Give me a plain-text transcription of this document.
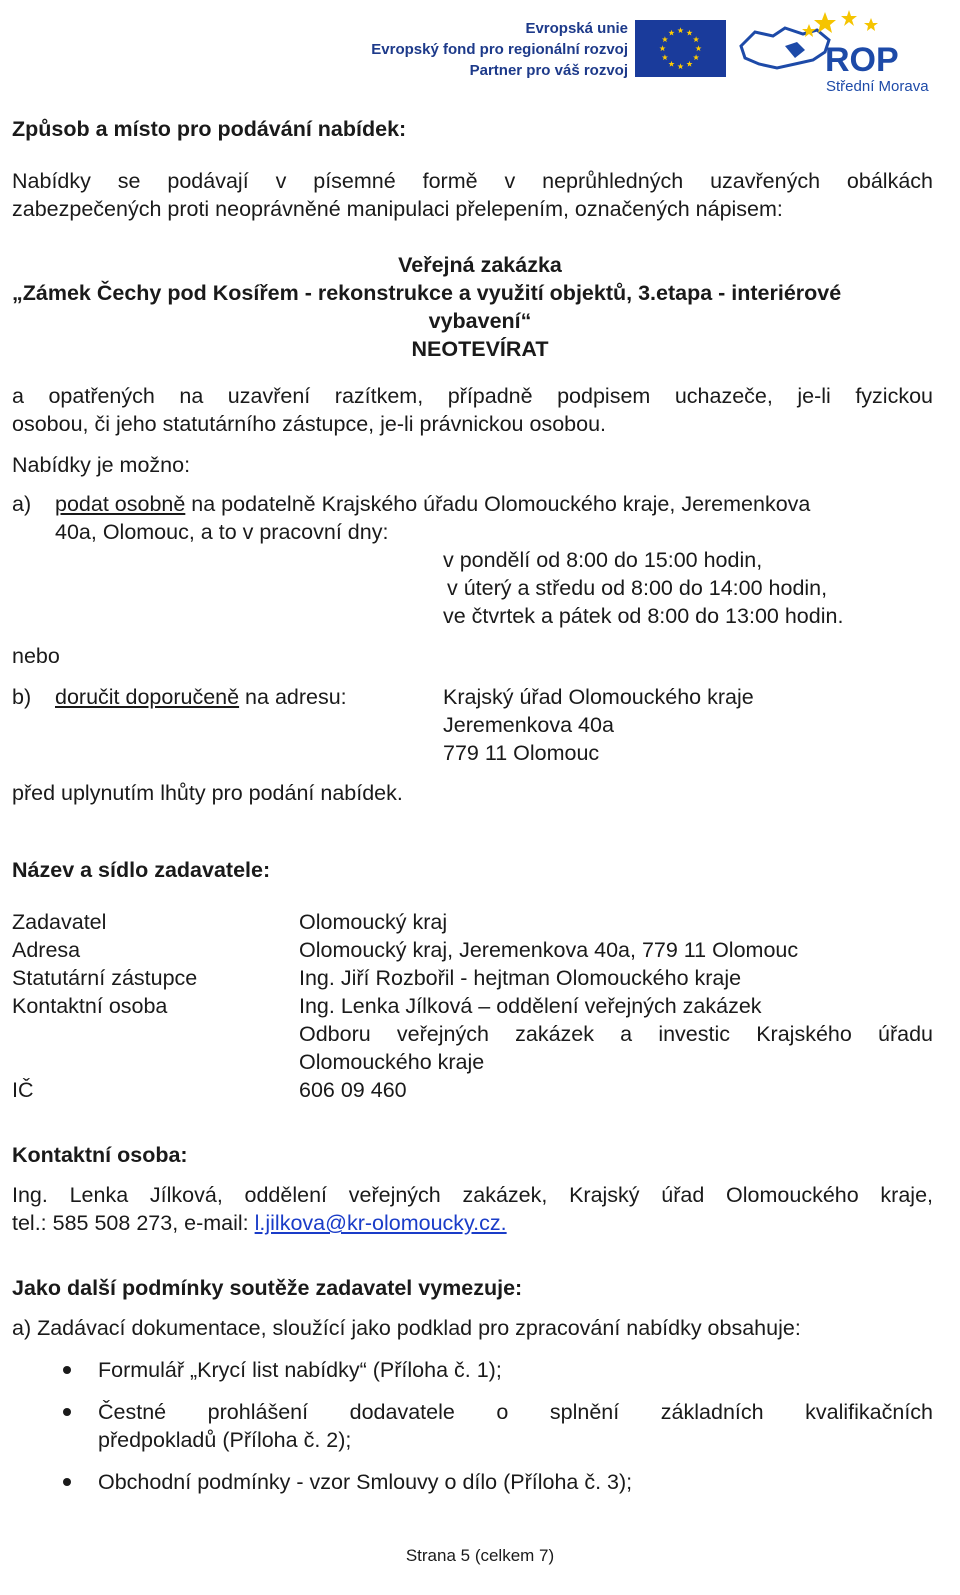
Evropská unie
Evropský fond pro regionální rozvoj
Partner pro váš rozvoj	ROP
Střední Morava
Způsob a místo pro podávání nabídek:
Nabídky se podávají v písemné formě v neprůhledných uzavřených obálkách
zabezpečených proti neoprávněné manipulaci přelepením, označených nápisem:
Veřejná zakázka
„Zámek Čechy pod Kosířem - rekonstrukce a využití objektů, 3.etapa - interiérové
vybavení“
NEOTEVÍRAT
a opatřených na uzavření razítkem, případně podpisem uchazeče, je-li fyzickou
osobou, či jeho statutárního zástupce, je-li právnickou osobou.
Nabídky je možno:
a) podat osobně na podatelně Krajského úřadu Olomouckého kraje, Jeremenkova
40a, Olomouc, a to v pracovní dny:
v pondělí od 8:00 do 15:00 hodin,
v úterý a středu od 8:00 do 14:00 hodin,
ve čtvrtek a pátek od 8:00 do 13:00 hodin.
nebo
b) doručit doporučeně na adresu:	Krajský úřad Olomouckého kraje
Jeremenkova 40a
779 11 Olomouc
před uplynutím lhůty pro podání nabídek.
Název a sídlo zadavatele:
Zadavatel	Olomoucký kraj
Adresa	Olomoucký kraj, Jeremenkova 40a, 779 11 Olomouc
Statutární zástupce	Ing. Jiří Rozbořil - hejtman Olomouckého kraje
Kontaktní osoba	Ing. Lenka Jílková – oddělení veřejných zakázek
Odboru veřejných zakázek a investic Krajského úřadu
Olomouckého kraje
IČ	606 09 460
Kontaktní osoba:
Ing. Lenka Jílková, oddělení veřejných zakázek, Krajský úřad Olomouckého kraje,
tel.: 585 508 273, e-mail: l.jilkova@kr-olomoucky.cz.
Jako další podmínky soutěže zadavatel vymezuje:
a) Zadávací dokumentace, sloužící jako podklad pro zpracování nabídky obsahuje:
Formulář „Krycí list nabídky“ (Příloha č. 1);
Čestné prohlášení dodavatele o splnění základních kvalifikačních
předpokladů (Příloha č. 2);
Obchodní podmínky - vzor Smlouvy o dílo (Příloha č. 3);
Strana 5 (celkem 7)
